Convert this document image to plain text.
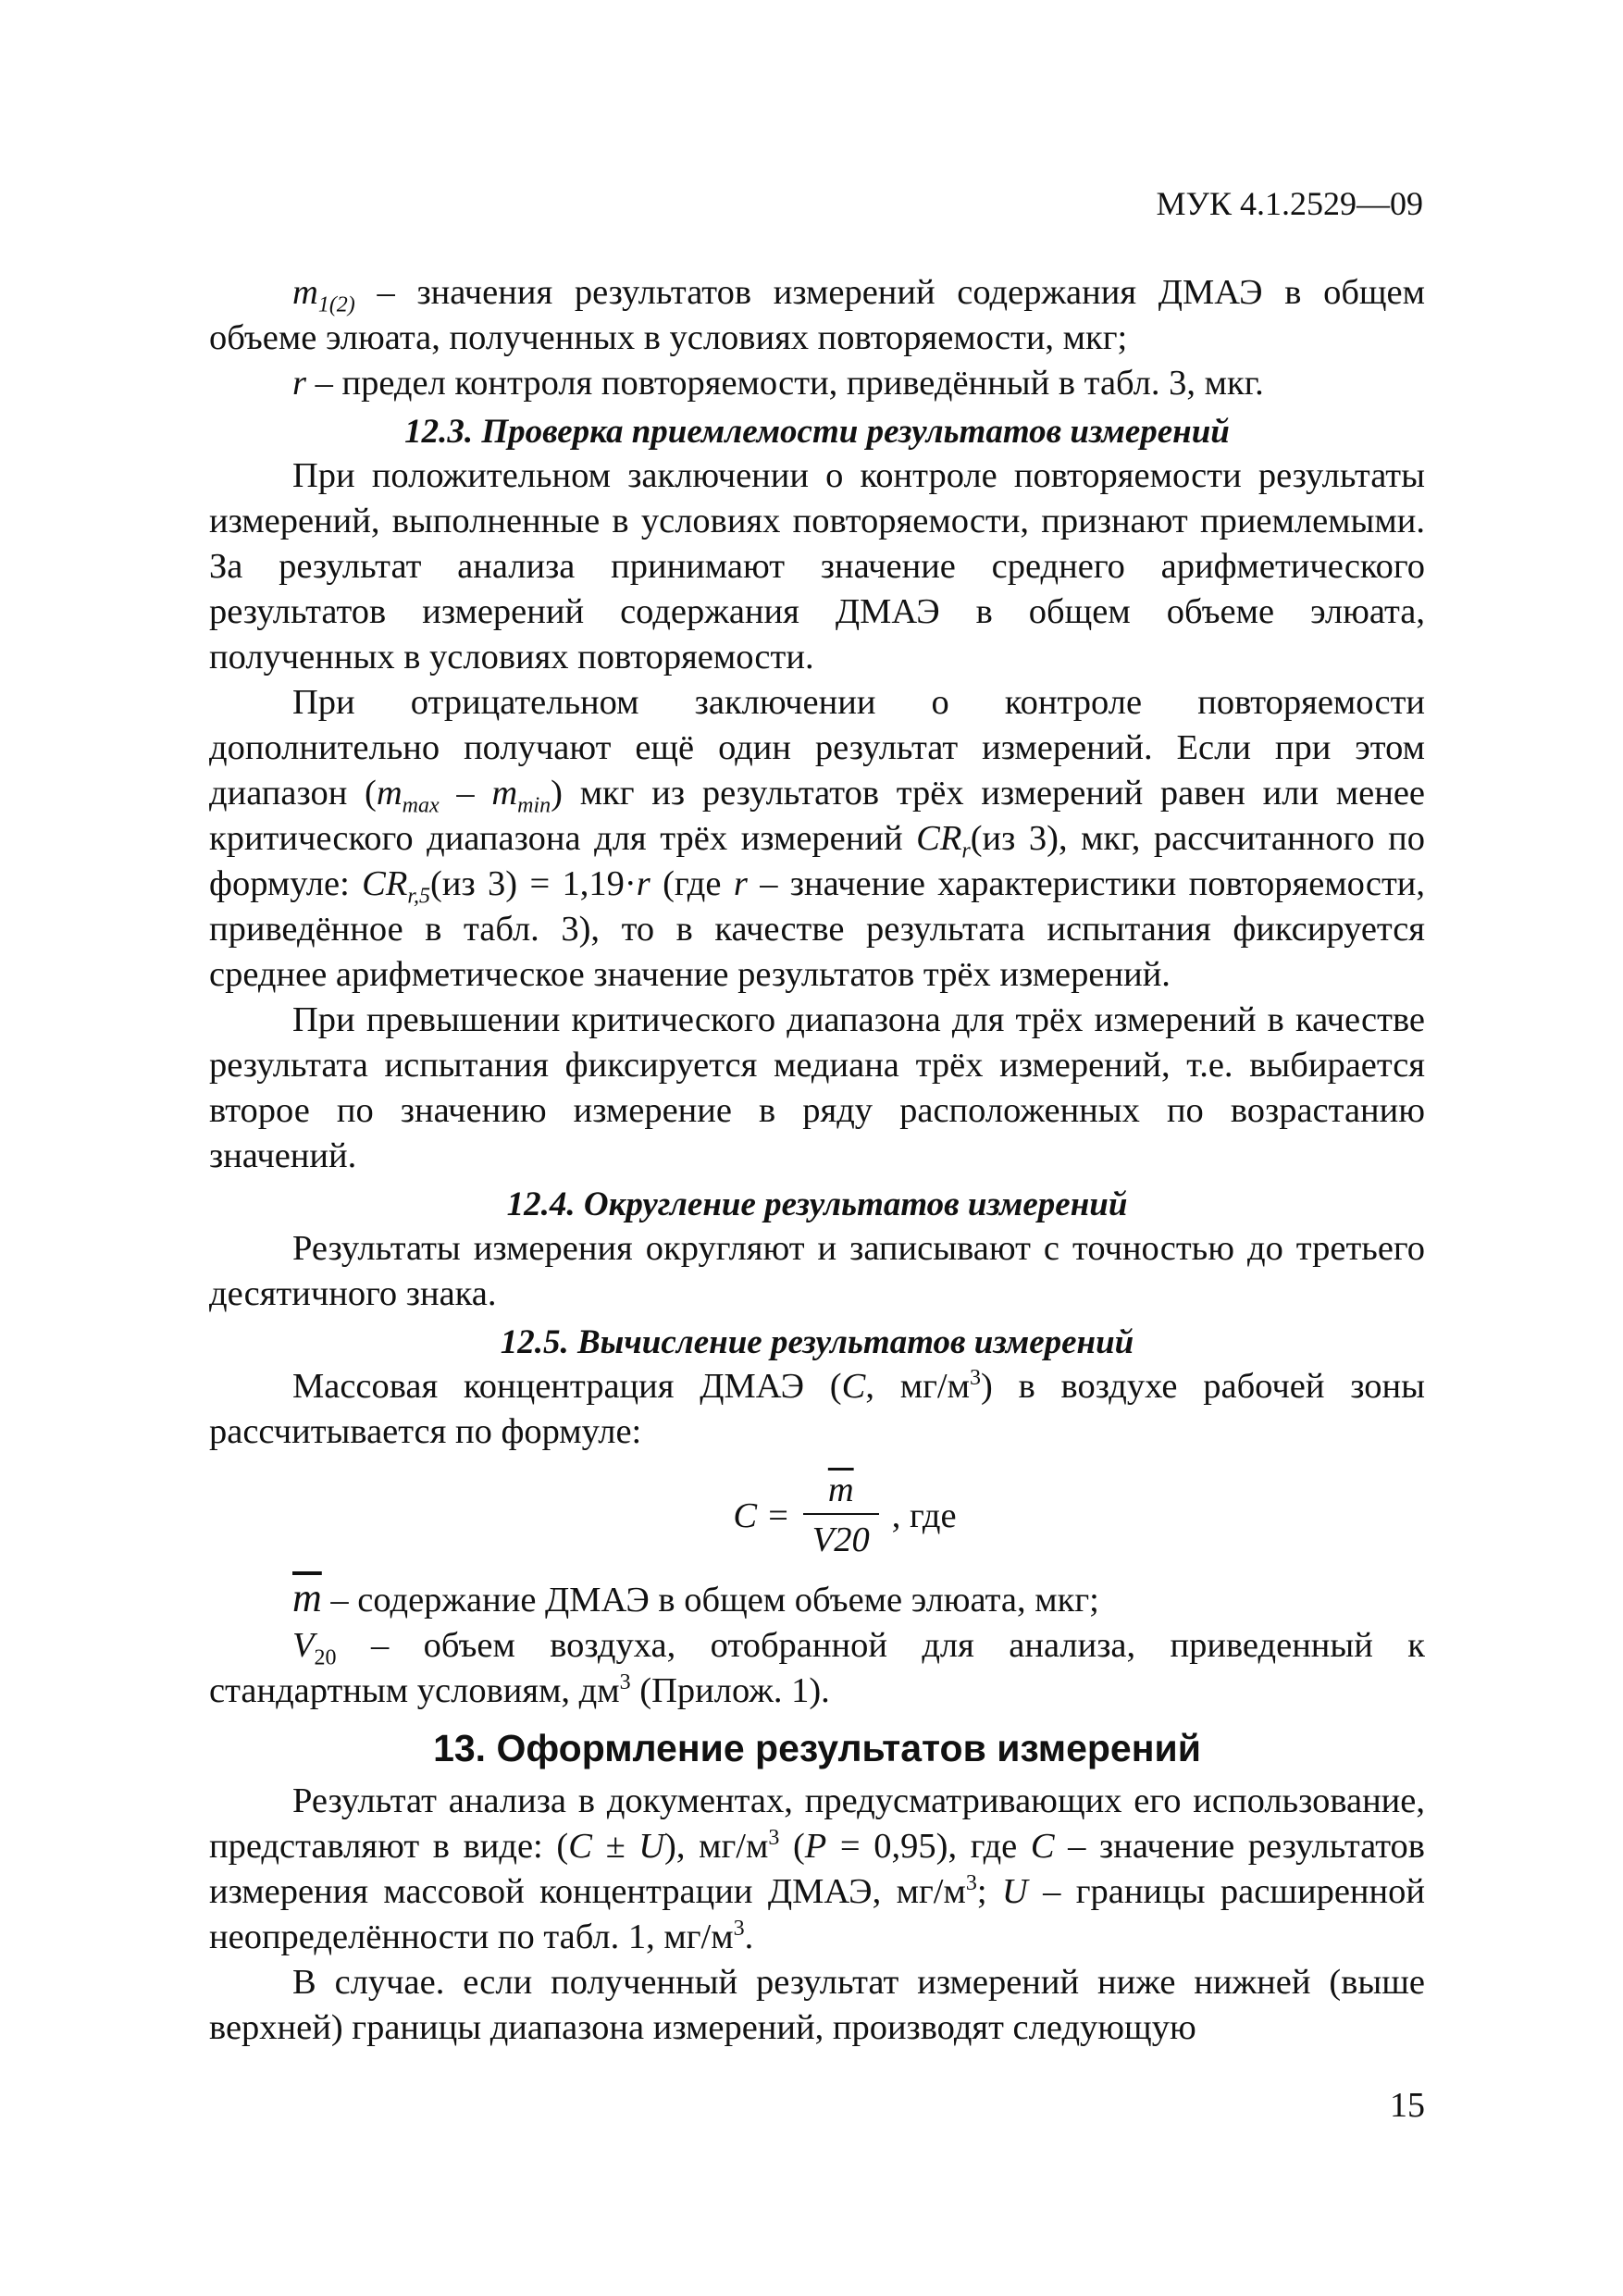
МУК 4.1.2529—09

$m_{1(2)}$ – значения результатов измерений содержания ДМАЭ в общем объеме элюата, полученных в условиях повторяемости, мкг;

r – предел контроля повторяемости, приведённый в табл. 3, мкг.

12.3. Проверка приемлемости результатов измерений

При положительном заключении о контроле повторяемости результаты измерений, выполненные в условиях повторяемости, признают приемлемыми. За результат анализа принимают значение среднего арифметического результатов измерений содержания ДМАЭ в общем объеме элюата, полученных в условиях повторяемости.

При отрицательном заключении о контроле повторяемости дополнительно получают ещё один результат измерений. Если при этом диапазон $(m_{max} - m_{min})$ мкг из результатов трёх измерений равен или менее критического диапазона для трёх измерений $CR_r(из$ 3), мкг, рассчитанного по формуле: $CR_{r,5}(из$ 3) = 1,19·r (где r – значение характеристики повторяемости, приведённое в табл. 3), то в качестве результата испытания фиксируется среднее арифметическое значение результатов трёх измерений.

При превышении критического диапазона для трёх измерений в качестве результата испытания фиксируется медиана трёх измерений, т.е. выбирается второе по значению измерение в ряду расположенных по возрастанию значений.

12.4. Округление результатов измерений

Результаты измерения округляют и записывают с точностью до третьего десятичного знака.

12.5. Вычисление результатов измерений

Массовая концентрация ДМАЭ (C, $мг/м^3$) в воздухе рабочей зоны рассчитывается по формуле:

$C = \frac{\overline{m}}{V20}$ , где

$\overline{m}$ – содержание ДМАЭ в общем объеме элюата, мкг;

$V_{20}$ – объем воздуха, отобранной для анализа, приведенный к стандартным условиям, $дм^3$ (Прилож. 1).

13. Оформление результатов измерений

Результат анализа в документах, предусматривающих его использование, представляют в виде: (C ± U), $мг/м^3$ (P = 0,95), где C – значение результатов измерения массовой концентрации ДМАЭ, $мг/м^3$; U – границы расширенной неопределённости по табл. 1, $мг/м^3$.

В случае. если полученный результат измерений ниже нижней (выше верхней) границы диапазона измерений, производят следующую

15
